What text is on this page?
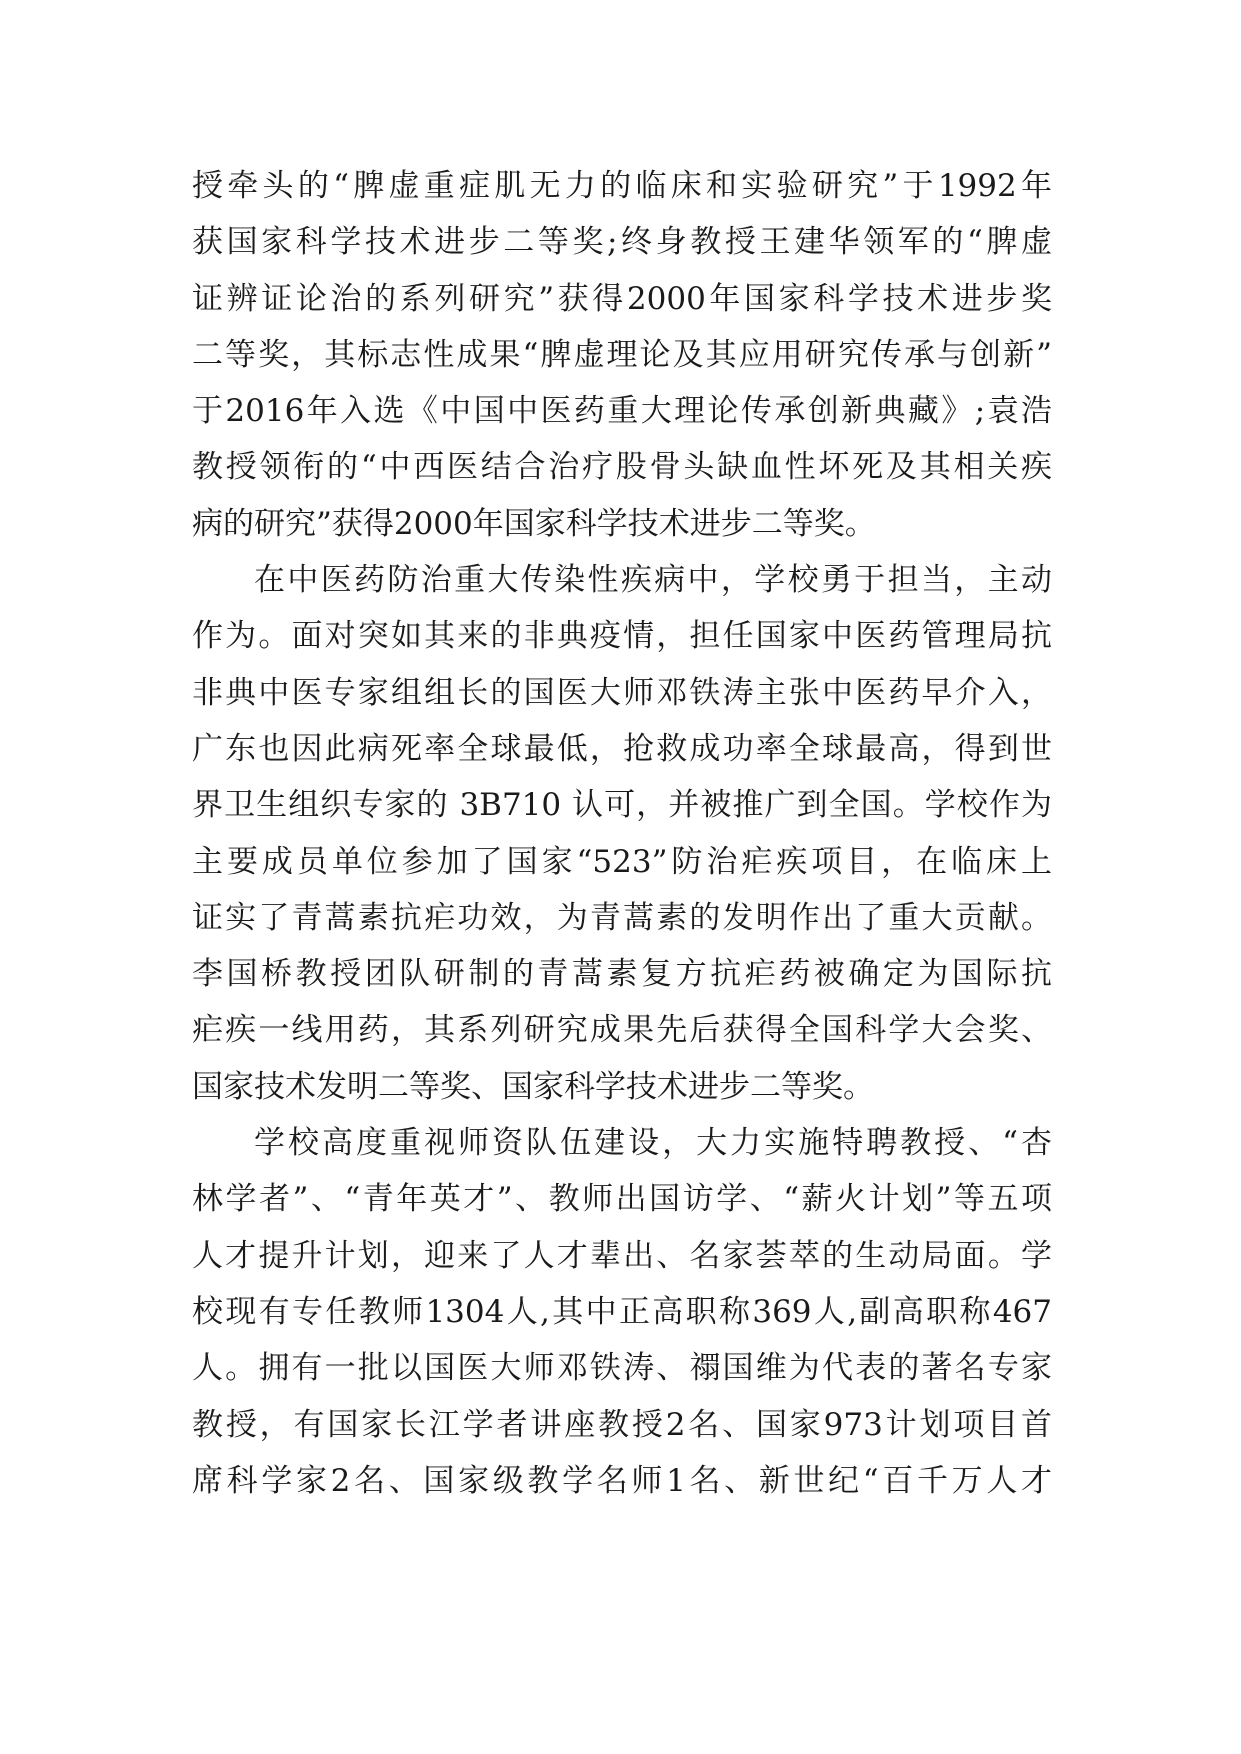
授牵头的“脾虚重症肌无力的临床和实验研究”于1992年
获国家科学技术进步二等奖;终身教授王建华领军的“脾虚
证辨证论治的系列研究”获得2000年国家科学技术进步奖
二等奖，其标志性成果“脾虚理论及其应用研究传承与创新”
于2016年入选《中国中医药重大理论传承创新典藏》;袁浩
教授领衔的“中西医结合治疗股骨头缺血性坏死及其相关疾
病的研究”获得2000年国家科学技术进步二等奖。
在中医药防治重大传染性疾病中，学校勇于担当，主动
作为。面对突如其来的非典疫情，担任国家中医药管理局抗
非典中医专家组组长的国医大师邓铁涛主张中医药早介入，
广东也因此病死率全球最低，抢救成功率全球最高，得到世
界卫生组织专家的 3B710 认可，并被推广到全国。学校作为
主要成员单位参加了国家“523”防治疟疾项目，在临床上
证实了青蒿素抗疟功效，为青蒿素的发明作出了重大贡献。
李国桥教授团队研制的青蒿素复方抗疟药被确定为国际抗
疟疾一线用药，其系列研究成果先后获得全国科学大会奖、
国家技术发明二等奖、国家科学技术进步二等奖。
学校高度重视师资队伍建设，大力实施特聘教授、“杏
林学者”、“青年英才”、教师出国访学、“薪火计划”等五项
人才提升计划，迎来了人才辈出、名家荟萃的生动局面。学
校现有专任教师1304人,其中正高职称369人,副高职称467
人。拥有一批以国医大师邓铁涛、禤国维为代表的著名专家
教授，有国家长江学者讲座教授2名、国家973计划项目首
席科学家2名、国家级教学名师1名、新世纪“百千万人才
